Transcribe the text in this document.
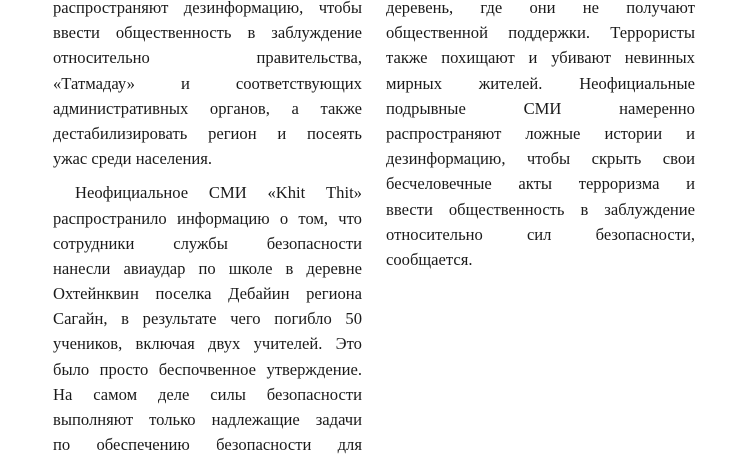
распространяют дезинформацию, чтобы
ввести общественность в заблуждение
относительно	правительства,
«Татмадау»	и	соответствующих
административных органов, а также
дестабилизировать регион и посеять
ужас среди населения.
Неофициальное СМИ «Khit Thit»
распространило информацию о том, что
сотрудники службы безопасности
нанесли авиаудар по школе в деревне
Охтейнквин поселка Дебайин региона
Сагайн, в результате чего погибло 50
учеников, включая двух учителей. Это
было просто беспочвенное утверждение.
На самом деле силы безопасности
выполняют только надлежащие задачи
по обеспечению безопасности для
деревень, где они не получают
общественной поддержки. Террористы
также похищают и убивают невинных
мирных жителей. Неофициальные
подрывные	СМИ	намеренно
распространяют ложные истории и
дезинформацию, чтобы скрыть свои
бесчеловечные акты терроризма и
ввести общественность в заблуждение
относительно	сил	безопасности,
сообщается.
